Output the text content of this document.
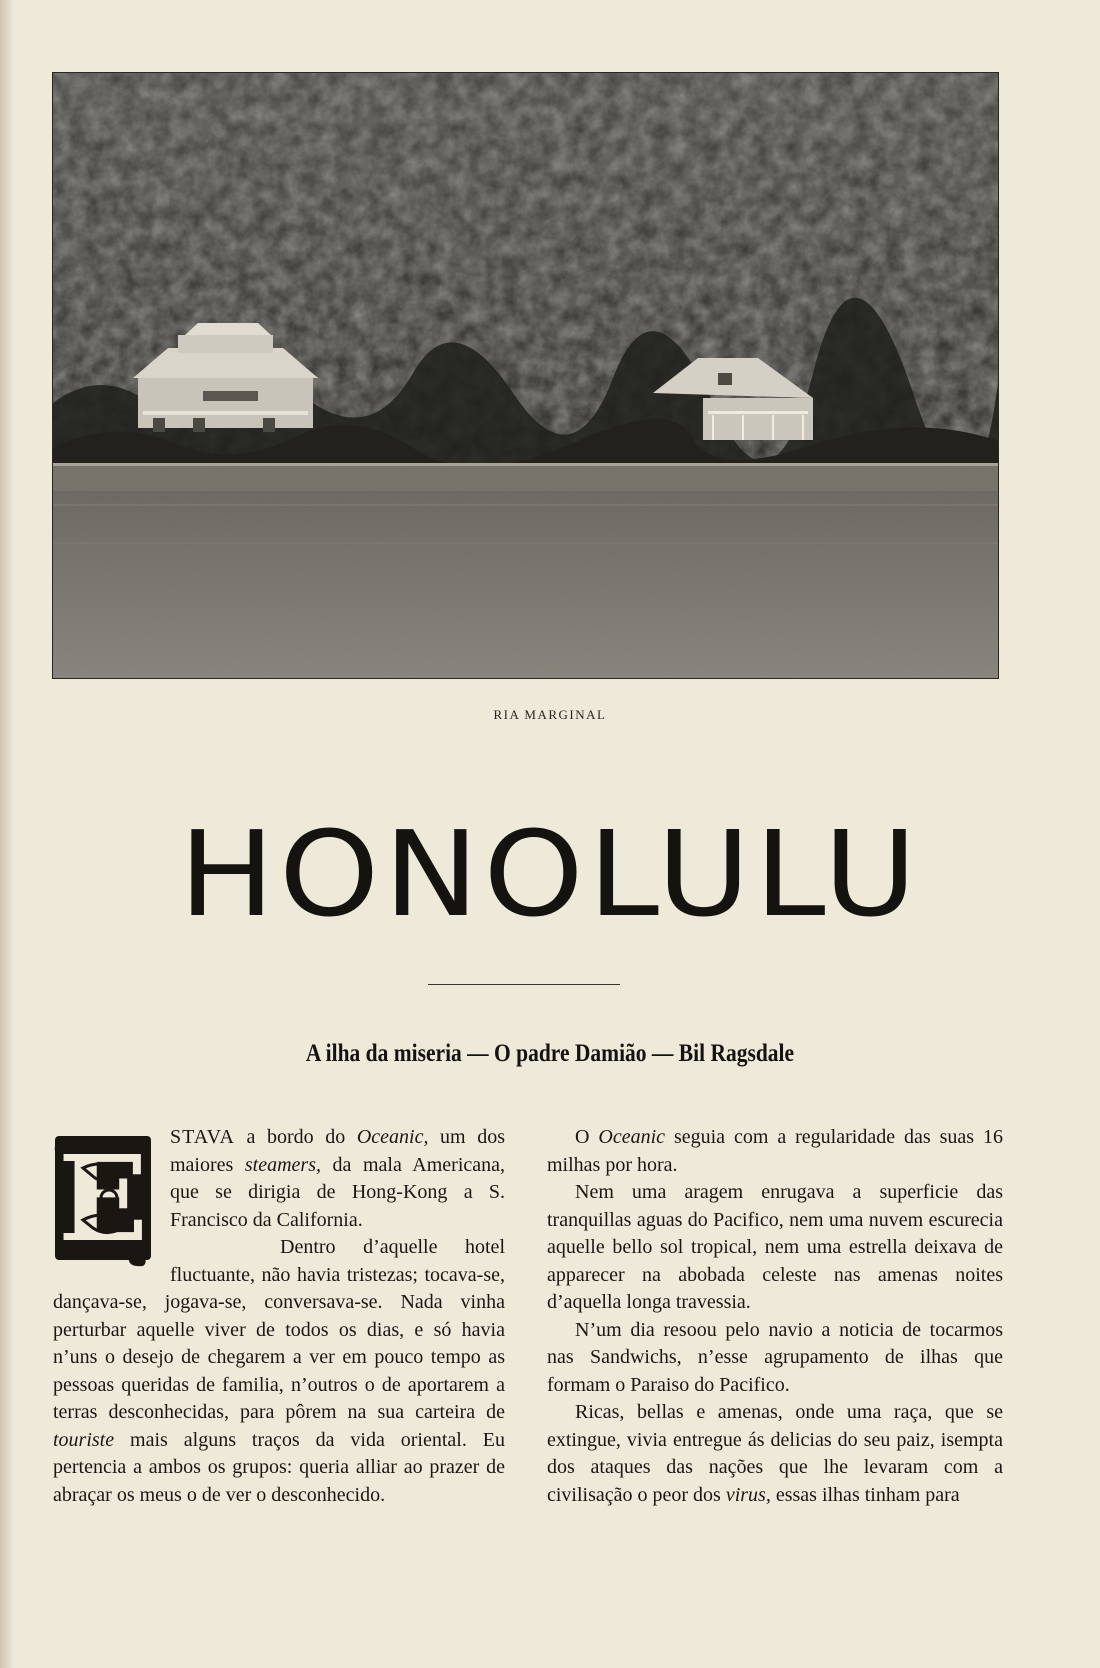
RIA MARGINAL
HONOLULU
A ilha da miseria — O padre Damião — Bil Ragsdale
E	STAVA a bordo do Oceanic, um dos maiores steamers, da mala Americana, que se dirigia de Hong-Kong a S. Francisco da California.

Dentro d’aquelle hotel fluctuante, não havia tristezas; tocava-se, dançava-se, jogava-se, conversava-se. Nada vinha perturbar aquelle viver de todos os dias, e só havia n’uns o desejo de chegarem a ver em pouco tempo as pessoas queridas de familia, n’outros o de aportarem a terras desconhecidas, para pôrem na sua carteira de touriste mais alguns traços da vida oriental. Eu pertencia a ambos os grupos: queria alliar ao prazer de abraçar os meus o de ver o desconhecido.

O Oceanic seguia com a regularidade das suas 16 milhas por hora.

Nem uma aragem enrugava a superficie das tranquillas aguas do Pacifico, nem uma nuvem escurecia aquelle bello sol tropical, nem uma estrella deixava de apparecer na abobada celeste nas amenas noites d’aquella longa travessia.

N’um dia resoou pelo navio a noticia de tocarmos nas Sandwichs, n’esse agrupamento de ilhas que formam o Paraiso do Pacifico.

Ricas, bellas e amenas, onde uma raça, que se extingue, vivia entregue ás delicias do seu paiz, isempta dos ataques das nações que lhe levaram com a civilisação o peor dos virus, essas ilhas tinham para
